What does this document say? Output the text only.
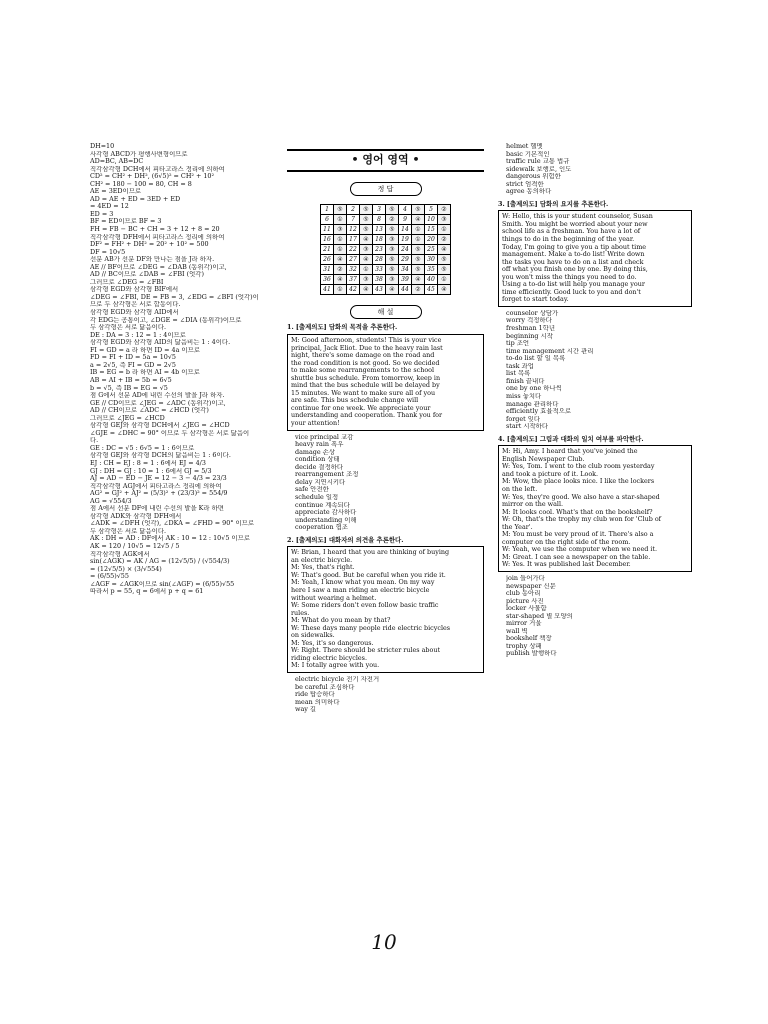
DH=10
사각형 ABCD가 평행사변형이므로
AD=BC, AB=DC
직각삼각형 DCH에서 피타고라스 정리에 의하여
CD² = CH² + DH², (6√5)² = CH² + 10²
CH² = 180 − 100 = 80, CH = 8
AE = 3ED이므로
AD = AE + ED = 3ED + ED
= 4ED = 12
ED = 3
BF = ED이므로 BF = 3
FH = FB − BC + CH = 3 + 12 + 8 = 20
직각삼각형 DFH에서 피타고라스 정리에 의하여
DF² = FH² + DH² = 20² + 10² = 500
DF = 10√5
선분 AB가 선분 DF와 만나는 점을 J라 하자.
AE // BF이므로 ∠DEG = ∠DAB (동위각)이고,
AD // BC이므로 ∠DAB = ∠FBI (엇각)
그러므로 ∠DEG = ∠FBI
삼각형 EGD와 삼각형 BIF에서
∠DEG = ∠FBI, DE = FB = 3, ∠EDG = ∠BFI (엇각)이
므로 두 삼각형은 서로 합동이다.
삼각형 EGD와 삼각형 AID에서
각 EDG는 공통이고, ∠DGE = ∠DIA (동위각)이므로
두 삼각형은 서로 닮음이다.
DE : DA = 3 : 12 = 1 : 4이므로
삼각형 EGD와 삼각형 AID의 닮음비는 1 : 4이다.
FI = GD = a 라 하면 ID = 4a 이므로
FD = FI + ID = 5a = 10√5
a = 2√5, 즉 FI = GD = 2√5
IB = EG = b 라 하면 AI = 4b 이므로
AB = AI + IB = 5b = 6√5
b = √5, 즉 IB = EG = √5
점 G에서 선분 AD에 내린 수선의 발을 J라 하자.
GE // CD이므로 ∠JEG = ∠ADC (동위각)이고,
AD // CH이므로 ∠ADC = ∠HCD (엇각)
그러므로 ∠JEG = ∠HCD
삼각형 GEJ와 삼각형 DCH에서 ∠JEG = ∠HCD
∠GJE = ∠DHC = 90° 이므로 두 삼각형은 서로 닮음이
다.
GE : DC = √5 : 6√5 = 1 : 6이므로
삼각형 GEJ와 삼각형 DCH의 닮음비는 1 : 6이다.
EJ : CH = EJ : 8 = 1 : 6에서 EJ = 4/3
GJ : DH = GJ : 10 = 1 : 6에서 GJ = 5/3
AJ = AD − ED − JE = 12 − 3 − 4/3 = 23/3
직각삼각형 AGJ에서 피타고라스 정리에 의하여
AG² = GJ² + AJ² = (5/3)² + (23/3)² = 554/9
AG = √554/3
점 A에서 선분 DF에 내린 수선의 발을 K라 하면
삼각형 ADK와 삼각형 DFH에서
∠ADK = ∠DFH (엇각), ∠DKA = ∠FHD = 90° 이므로
두 삼각형은 서로 닮음이다.
AK : DH = AD : DF에서 AK : 10 = 12 : 10√5 이므로
AK = 120 / 10√5 = 12√5 / 5
직각삼각형 AGK에서
sin(∠AGK) = AK / AG = (12√5/5) / (√554/3)
= (12√5/5) × (3/√554)
= (6/55)√55
∠AGF = ∠AGK이므로 sin(∠AGF) = (6/55)√55
따라서 p = 55, q = 6에서 p + q = 61
• 영어 영역 •
정 답
1	⑤	2	⑤	3	⑤	4	⑤	5	②
6	①	7	⑤	8	②	9	④	10	③
11	③	12	⑤	13	⑤	14	①	15	①
16	①	17	④	18	③	19	①	20	②
21	①	22	③	23	③	24	⑤	25	④
26	④	27	④	28	⑤	29	⑤	30	⑤
31	②	32	①	33	⑤	34	⑤	35	⑤
36	④	37	③	38	③	39	④	40	①
41	①	42	④	43	④	44	②	45	④
해 설
1. [출제의도] 담화의 목적을 추론한다.
M: Good afternoon, students! This is your vice
principal, Jack Eliot. Due to the heavy rain last
night, there's some damage on the road and
the road condition is not good. So we decided
to make some rearrangements to the school
shuttle bus schedule. From tomorrow, keep in
mind that the bus schedule will be delayed by
15 minutes. We want to make sure all of you
are safe. This bus schedule change will
continue for one week. We appreciate your
understanding and cooperation. Thank you for
your attention!
vice principal 교감
heavy rain 폭우
damage 손상
condition 상태
decide 결정하다
rearrangement 조정
delay 지연시키다
safe 안전한
schedule 일정
continue 계속되다
appreciate 감사하다
understanding 이해
cooperation 협조
2. [출제의도] 대화자의 의견을 추론한다.
W: Brian, I heard that you are thinking of buying
an electric bicycle.
M: Yes, that's right.
W: That's good. But be careful when you ride it.
M: Yeah, I know what you mean. On my way
here I saw a man riding an electric bicycle
without wearing a helmet.
W: Some riders don't even follow basic traffic
rules.
M: What do you mean by that?
W: These days many people ride electric bicycles
on sidewalks.
M: Yes, it's so dangerous.
W: Right. There should be stricter rules about
riding electric bicycles.
M: I totally agree with you.
electric bicycle 전기 자전거
be careful 조심하다
ride 탑승하다
mean 의미하다
way 길
helmet 헬멧
basic 기본적인
traffic rule 교통 법규
sidewalk 보행로, 인도
dangerous 위험한
strict 엄격한
agree 동의하다
3. [출제의도] 담화의 요지를 추론한다.
W: Hello, this is your student counselor, Susan
Smith. You might be worried about your new
school life as a freshman. You have a lot of
things to do in the beginning of the year.
Today, I'm going to give you a tip about time
management. Make a to-do list! Write down
the tasks you have to do on a list and check
off what you finish one by one. By doing this,
you won't miss the things you need to do.
Using a to-do list will help you manage your
time efficiently. Good luck to you and don't
forget to start today.
counselor 상담가
worry 걱정하다
freshman 1학년
beginning 시작
tip 조언
time management 시간 관리
to-do list 할 일 목록
task 과업
list 목록
finish 끝내다
one by one 하나씩
miss 놓치다
manage 관리하다
efficiently 효율적으로
forget 잊다
start 시작하다
4. [출제의도] 그림과 대화의 일치 여부를 파악한다.
M: Hi, Amy. I heard that you've joined the
English Newspaper Club.
W: Yes, Tom. I went to the club room yesterday
and took a picture of it. Look.
M: Wow, the place looks nice. I like the lockers
on the left.
W: Yes, they're good. We also have a star-shaped
mirror on the wall.
M: It looks cool. What's that on the bookshelf?
W: Oh, that's the trophy my club won for 'Club of
the Year'.
M: You must be very proud of it. There's also a
computer on the right side of the room.
W: Yeah, we use the computer when we need it.
M: Great. I can see a newspaper on the table.
W: Yes. It was published last December.
join 들어가다
newspaper 신문
club 동아리
picture 사진
locker 사물함
star-shaped 별 모양의
mirror 거울
wall 벽
bookshelf 책장
trophy 상패
publish 발행하다
10
